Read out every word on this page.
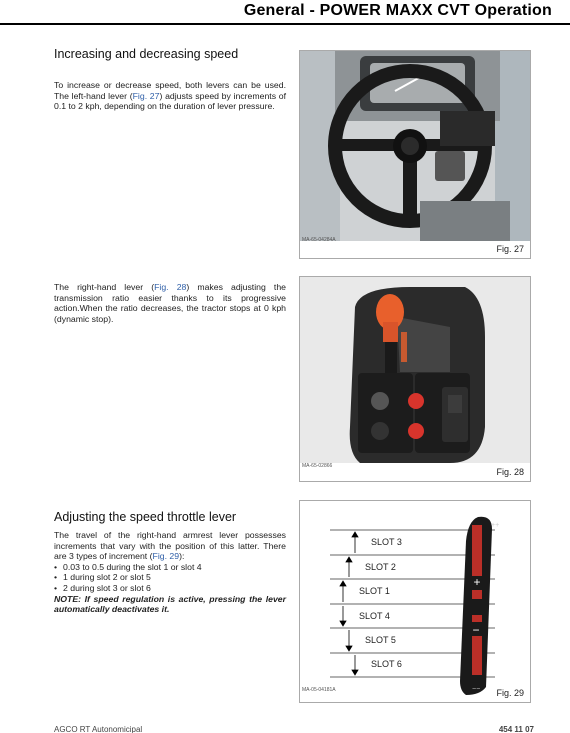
General - POWER MAXX CVT Operation
Increasing and decreasing speed
To increase or decrease speed, both levers can be used. The left-hand lever (Fig. 27) adjusts speed by increments of 0.1 to 2 kph, depending on the duration of lever pressure.
The right-hand lever (Fig. 28) makes adjusting the transmission ratio easier thanks to its progressive action.When the ratio decreases, the tractor stops at 0 kph (dynamic stop).
MA-65-04284A
Fig. 27
MA-65-02866
Fig. 28
Adjusting the speed throttle lever
The travel of the right-hand armrest lever possesses increments that vary with the position of this latter. There are 3 types of increment (Fig. 29):
• 0.03 to 0.5 during the slot 1 or slot 4
• 1 during slot 2 or slot 5
• 2 during slot 3 or slot 6
NOTE: If speed regulation is active, pressing the lever automatically deactivates it.
+
−
++
−−
SLOT 3
SLOT 2
SLOT 1
SLOT 4
SLOT 5
SLOT 6
MA-05-04181A	Fig. 29
AGCO RT Autonomicipal	454 11 07
